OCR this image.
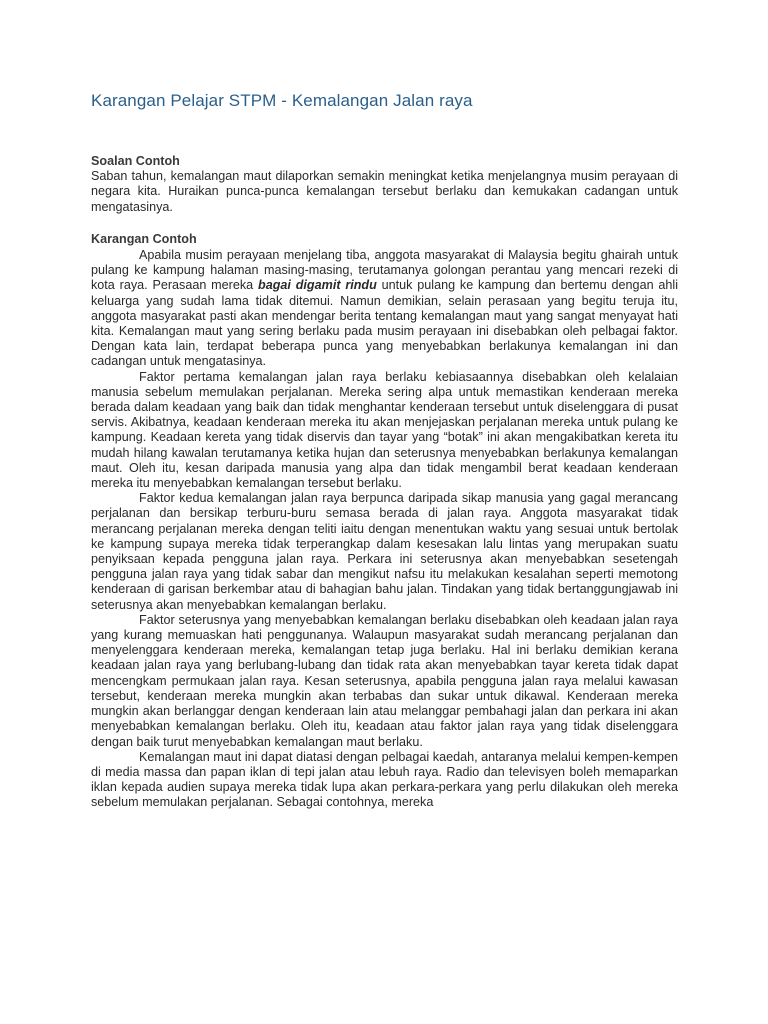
Karangan Pelajar STPM - Kemalangan Jalan raya

Soalan Contoh

Saban tahun, kemalangan maut dilaporkan semakin meningkat ketika menjelangnya musim perayaan di negara kita. Huraikan punca-punca kemalangan tersebut berlaku dan kemukakan cadangan untuk mengatasinya.

Karangan Contoh

Apabila musim perayaan menjelang tiba, anggota masyarakat di Malaysia begitu ghairah untuk pulang ke kampung halaman masing-masing, terutamanya golongan perantau yang mencari rezeki di kota raya. Perasaan mereka bagai digamit rindu untuk pulang ke kampung dan bertemu dengan ahli keluarga yang sudah lama tidak ditemui. Namun demikian, selain perasaan yang begitu teruja itu, anggota masyarakat pasti akan mendengar berita tentang kemalangan maut yang sangat menyayat hati kita. Kemalangan maut yang sering berlaku pada musim perayaan ini disebabkan oleh pelbagai faktor. Dengan kata lain, terdapat beberapa punca yang menyebabkan berlakunya kemalangan ini dan cadangan untuk mengatasinya.

Faktor pertama kemalangan jalan raya berlaku kebiasaannya disebabkan oleh kelalaian manusia sebelum memulakan perjalanan. Mereka sering alpa untuk memastikan kenderaan mereka berada dalam keadaan yang baik dan tidak menghantar kenderaan tersebut untuk diselenggara di pusat servis. Akibatnya, keadaan kenderaan mereka itu akan menjejaskan perjalanan mereka untuk pulang ke kampung. Keadaan kereta yang tidak diservis dan tayar yang “botak” ini akan mengakibatkan kereta itu mudah hilang kawalan terutamanya ketika hujan dan seterusnya menyebabkan berlakunya kemalangan maut. Oleh itu, kesan daripada manusia yang alpa dan tidak mengambil berat keadaan kenderaan mereka itu menyebabkan kemalangan tersebut berlaku.

Faktor kedua kemalangan jalan raya berpunca daripada sikap manusia yang gagal merancang perjalanan dan bersikap terburu-buru semasa berada di jalan raya. Anggota masyarakat tidak merancang perjalanan mereka dengan teliti iaitu dengan menentukan waktu yang sesuai untuk bertolak ke kampung supaya mereka tidak terperangkap dalam kesesakan lalu lintas yang merupakan suatu penyiksaan kepada pengguna jalan raya. Perkara ini seterusnya akan menyebabkan sesetengah pengguna jalan raya yang tidak sabar dan mengikut nafsu itu melakukan kesalahan seperti memotong kenderaan di garisan berkembar atau di bahagian bahu jalan. Tindakan yang tidak bertanggungjawab ini seterusnya akan menyebabkan kemalangan berlaku.

Faktor seterusnya yang menyebabkan kemalangan berlaku disebabkan oleh keadaan jalan raya yang kurang memuaskan hati penggunanya. Walaupun masyarakat sudah merancang perjalanan dan menyelenggara kenderaan mereka, kemalangan tetap juga berlaku. Hal ini berlaku demikian kerana keadaan jalan raya yang berlubang-lubang dan tidak rata akan menyebabkan tayar kereta tidak dapat mencengkam permukaan jalan raya. Kesan seterusnya, apabila pengguna jalan raya melalui kawasan tersebut, kenderaan mereka mungkin akan terbabas dan sukar untuk dikawal. Kenderaan mereka mungkin akan berlanggar dengan kenderaan lain atau melanggar pembahagi jalan dan perkara ini akan menyebabkan kemalangan berlaku. Oleh itu, keadaan atau faktor jalan raya yang tidak diselenggara dengan baik turut menyebabkan kemalangan maut berlaku.

Kemalangan maut ini dapat diatasi dengan pelbagai kaedah, antaranya melalui kempen-kempen di media massa dan papan iklan di tepi jalan atau lebuh raya. Radio dan televisyen boleh memaparkan iklan kepada audien supaya mereka tidak lupa akan perkara-perkara yang perlu dilakukan oleh mereka sebelum memulakan perjalanan. Sebagai contohnya, mereka
